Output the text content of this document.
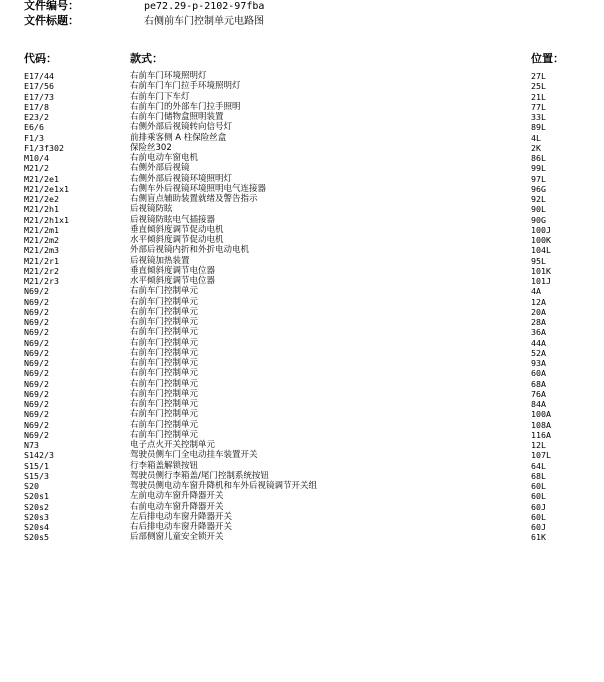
文件编号：	pe72.29-p-2102-97fba
文件标题：	右侧前车门控制单元电路图
代码：	款式：	位置：
E17/44	右前车门环境照明灯	27L
E17/56	右前车门车门拉手环境照明灯	25L
E17/73	右前车门下车灯	21L
E17/8	右前车门的外部车门拉手照明	77L
E23/2	右前车门储物盒照明装置	33L
E6/6	右侧外部后视镜转向信号灯	89L
F1/3	前排乘客侧 A 柱保险丝盒	4L
F1/3f302	保险丝302	2K
M10/4	右前电动车窗电机	86L
M21/2	右侧外部后视镜	99L
M21/2e1	右侧外部后视镜环境照明灯	97L
M21/2e1x1	右侧车外后视镜环境照明电气连接器	96G
M21/2e2	右侧盲点辅助装置就绪及警告指示	92L
M21/2h1	后视镜防眩	90L
M21/2h1x1	后视镜防眩电气插接器	90G
M21/2m1	垂直倾斜度调节促动电机	100J
M21/2m2	水平倾斜度调节促动电机	100K
M21/2m3	外部后视镜内折和外折电动电机	104L
M21/2r1	后视镜加热装置	95L
M21/2r2	垂直倾斜度调节电位器	101K
M21/2r3	水平倾斜度调节电位器	101J
N69/2	右前车门控制单元	4A
N69/2	右前车门控制单元	12A
N69/2	右前车门控制单元	20A
N69/2	右前车门控制单元	28A
N69/2	右前车门控制单元	36A
N69/2	右前车门控制单元	44A
N69/2	右前车门控制单元	52A
N69/2	右前车门控制单元	93A
N69/2	右前车门控制单元	60A
N69/2	右前车门控制单元	68A
N69/2	右前车门控制单元	76A
N69/2	右前车门控制单元	84A
N69/2	右前车门控制单元	100A
N69/2	右前车门控制单元	108A
N69/2	右前车门控制单元	116A
N73	电子点火开关控制单元	12L
S142/3	驾驶员侧车门全电动挂车装置开关	107L
S15/1	行李箱盖解锁按钮	64L
S15/3	驾驶员侧行李箱盖/尾门控制系统按钮	68L
S20	驾驶员侧电动车窗升降机和车外后视镜调节开关组	60L
S20s1	左前电动车窗升降器开关	60L
S20s2	右前电动车窗升降器开关	60J
S20s3	左后排电动车窗升降器开关	60L
S20s4	右后排电动车窗升降器开关	60J
S20s5	后部侧窗儿童安全锁开关	61K
